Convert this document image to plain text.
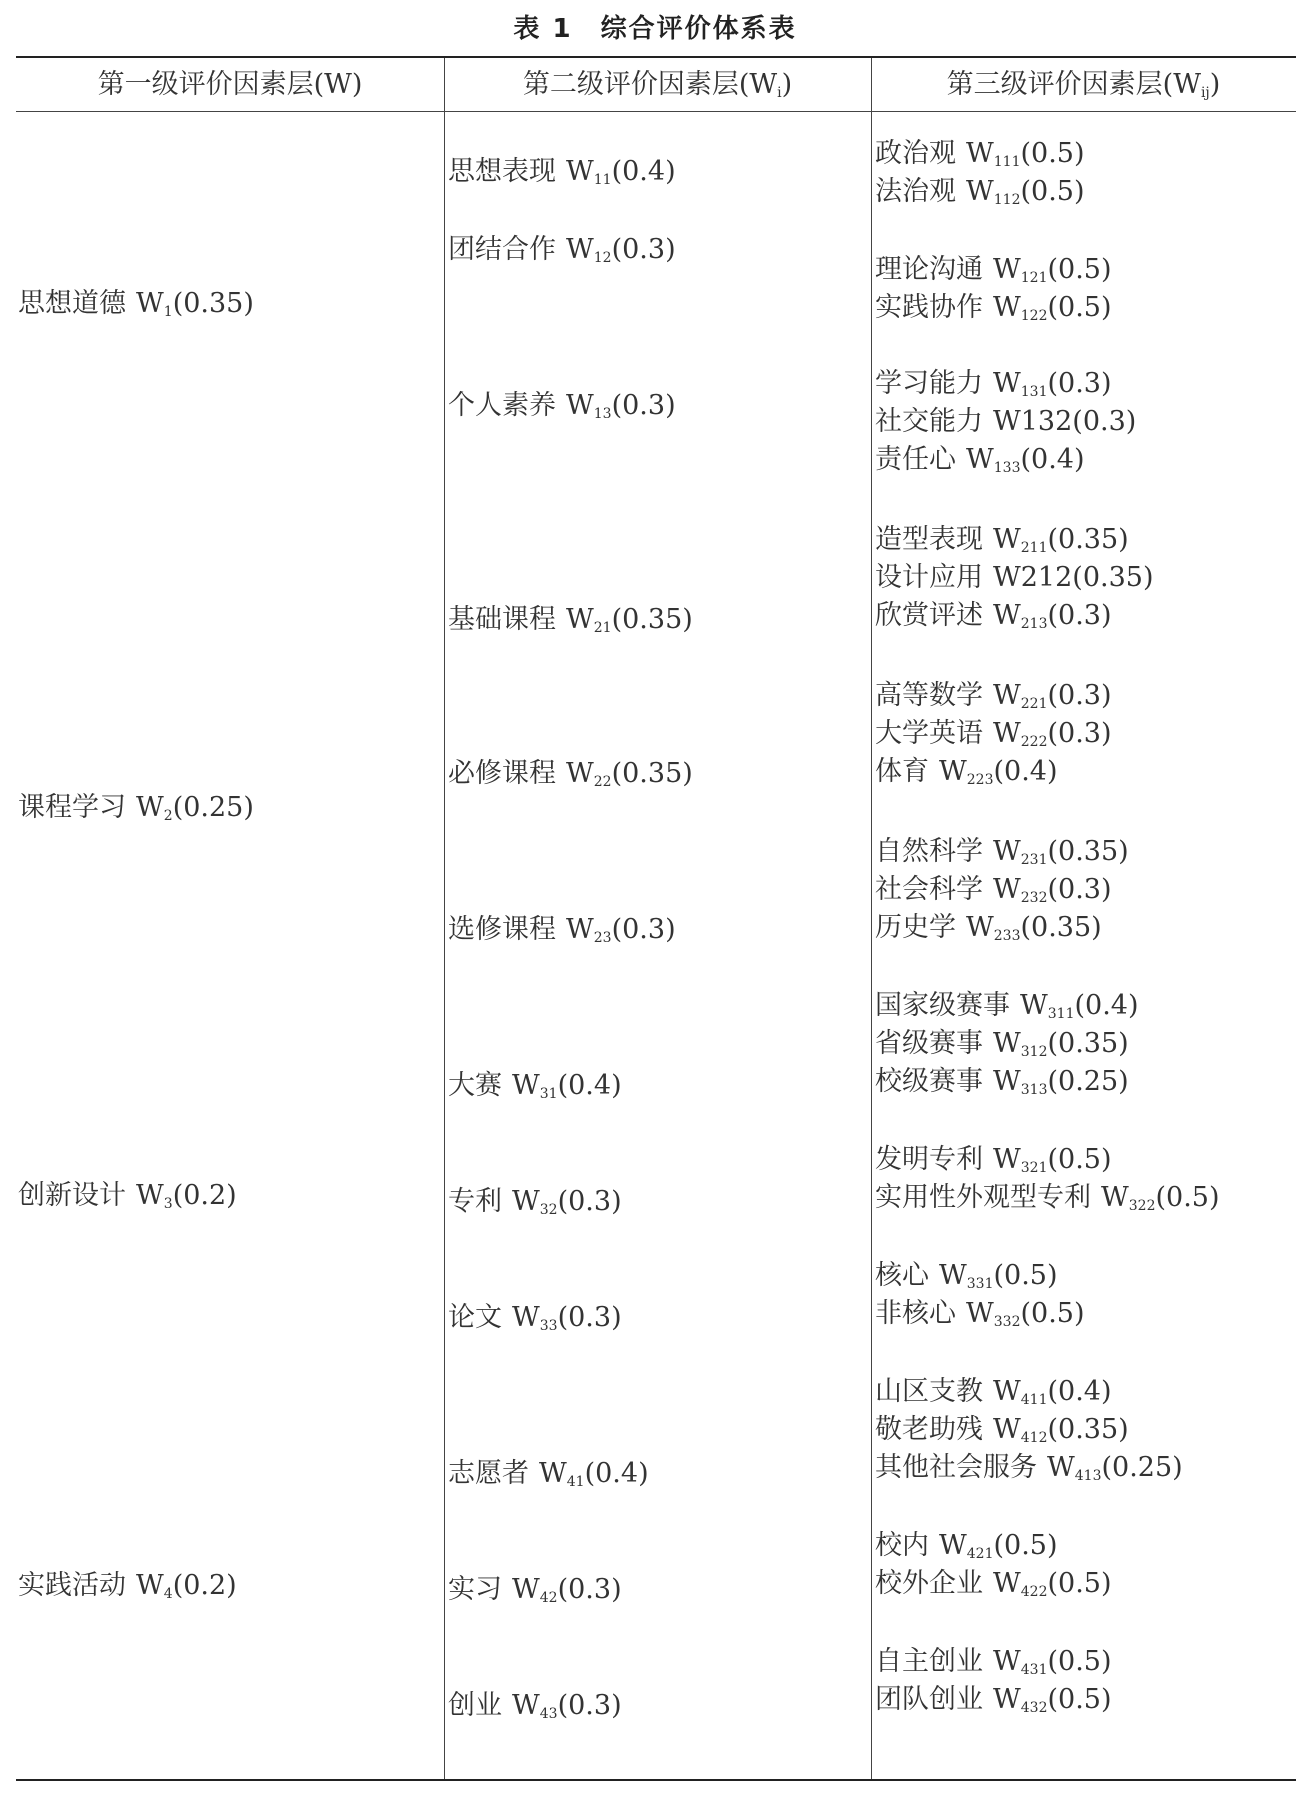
表 1 综合评价体系表
第一级评价因素层(W)	第二级评价因素层$(W_i)$	第三级评价因素层$(W_{ij})$
思想道德 $W_1(0.35)$
课程学习 $W_2(0.25)$
创新设计 $W_3(0.2)$
实践活动 $W_4(0.2)$
思想表现 $W_{11}(0.4)$
团结合作 $W_{12}(0.3)$
个人素养 $W_{13}(0.3)$
基础课程 $W_{21}(0.35)$
必修课程 $W_{22}(0.35)$
选修课程 $W_{23}(0.3)$
大赛 $W_{31}(0.4)$
专利 $W_{32}(0.3)$
论文 $W_{33}(0.3)$
志愿者 $W_{41}(0.4)$
实习 $W_{42}(0.3)$
创业 $W_{43}(0.3)$
政治观 $W_{111}(0.5)$
法治观 $W_{112}(0.5)$
理论沟通 $W_{121}(0.5)$
实践协作 $W_{122}(0.5)$
学习能力 $W_{131}(0.3)$
社交能力 W132(0.3)
责任心 $W_{133}(0.4)$
造型表现 $W_{211}(0.35)$
设计应用 W212(0.35)
欣赏评述 $W_{213}(0.3)$
高等数学 $W_{221}(0.3)$
大学英语 $W_{222}(0.3)$
体育 $W_{223}(0.4)$
自然科学 $W_{231}(0.35)$
社会科学 $W_{232}(0.3)$
历史学 $W_{233}(0.35)$
国家级赛事 $W_{311}(0.4)$
省级赛事 $W_{312}(0.35)$
校级赛事 $W_{313}(0.25)$
发明专利 $W_{321}(0.5)$
实用性外观型专利 $W_{322}(0.5)$
核心 $W_{331}(0.5)$
非核心 $W_{332}(0.5)$
山区支教 $W_{411}(0.4)$
敬老助残 $W_{412}(0.35)$
其他社会服务 $W_{413}(0.25)$
校内 $W_{421}(0.5)$
校外企业 $W_{422}(0.5)$
自主创业 $W_{431}(0.5)$
团队创业 $W_{432}(0.5)$
